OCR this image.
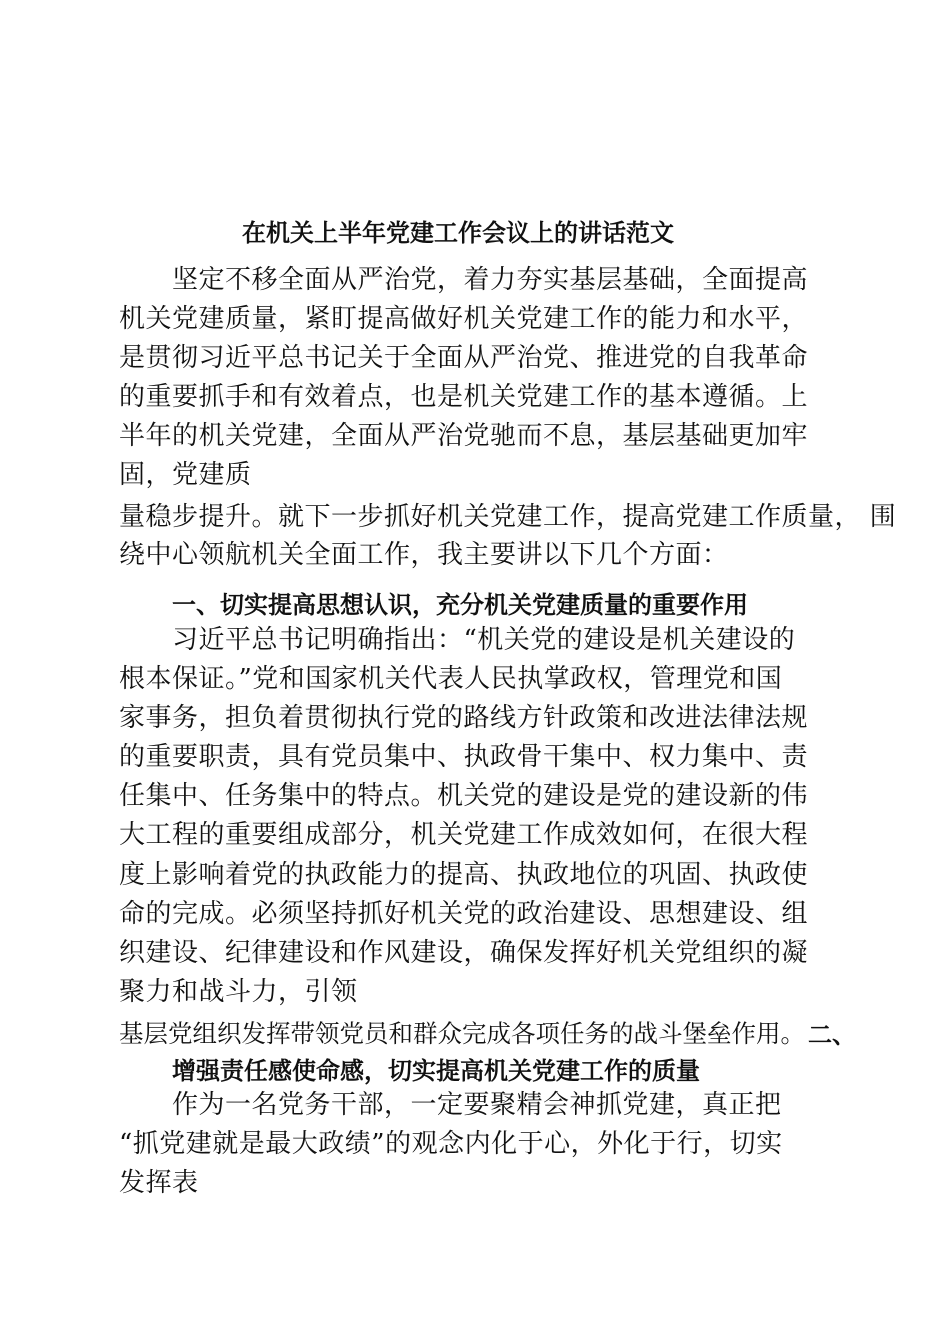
在机关上半年党建工作会议上的讲话范文
坚定不移全面从严治党，着力夯实基层基础，全面提高
机关党建质量，紧盯提高做好机关党建工作的能力和水平，
是贯彻习近平总书记关于全面从严治党、推进党的自我革命
的重要抓手和有效着点，也是机关党建工作的基本遵循。上
半年的机关党建，全面从严治党驰而不息，基层基础更加牢
固，党建质
量稳步提升。就下一步抓好机关党建工作，提高党建工作质量， 围
绕中心领航机关全面工作，我主要讲以下几个方面：
一、切实提高思想认识，充分机关党建质量的重要作用
习近平总书记明确指出：“机关党的建设是机关建设的
根本保证。”党和国家机关代表人民执掌政权，管理党和国
家事务，担负着贯彻执行党的路线方针政策和改进法律法规
的重要职责，具有党员集中、执政骨干集中、权力集中、责
任集中、任务集中的特点。机关党的建设是党的建设新的伟
大工程的重要组成部分，机关党建工作成效如何，在很大程
度上影响着党的执政能力的提高、执政地位的巩固、执政使
命的完成。必须坚持抓好机关党的政治建设、思想建设、组
织建设、纪律建设和作风建设，确保发挥好机关党组织的凝
聚力和战斗力，引领
基层党组织发挥带领党员和群众完成各项任务的战斗堡垒作用。 二、
增强责任感使命感，切实提高机关党建工作的质量
作为一名党务干部，一定要聚精会神抓党建，真正把
“抓党建就是最大政绩”的观念内化于心，外化于行，切实
发挥表
